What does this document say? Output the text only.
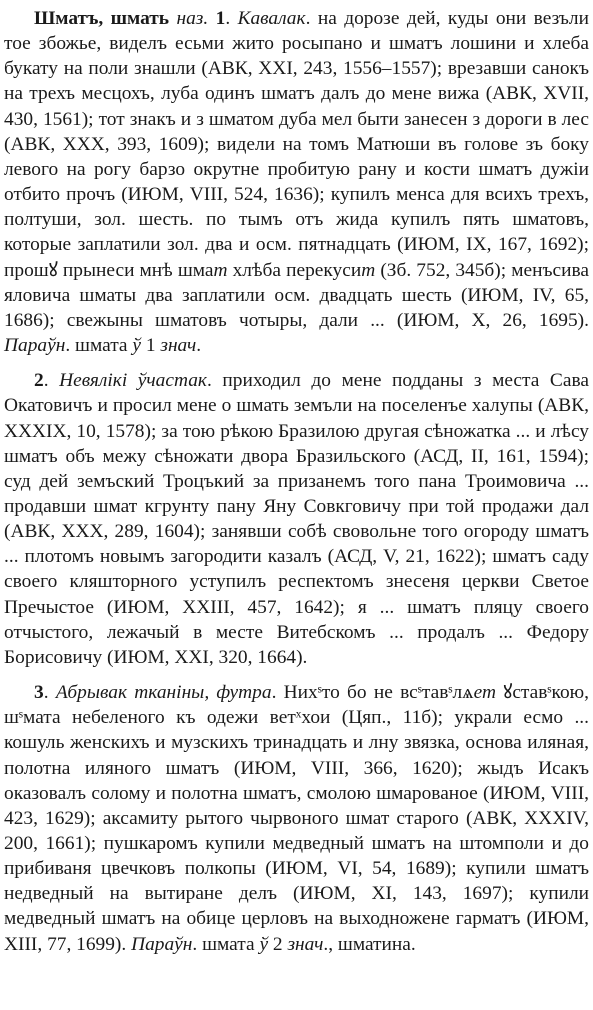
Шматъ, шмать наз. 1. Кавалак. на дорозе дей, куды они везъли тое збожье, виделъ есьми жито росыпано и шматъ лошини и хлеба букату на поли знашли (АВК, XXI, 243, 1556–1557); врезавши санокъ на трехъ месцохъ, луба одинъ шматъ далъ до мене вижа (АВК, XVII, 430, 1561); тот знакъ и з шматом дуба мел быти занесен з дороги в лес (АВК, XXX, 393, 1609); видели на томъ Матюши въ голове зъ боку левого на рогу барзо окрутне пробитую рану и кости шматъ дужiи отбито прочъ (ИЮМ, VIII, 524, 1636); купилъ менса для всихъ трехъ, полтуши, зол. шесть. по тымъ отъ жида купилъ пять шматовъ, которые заплатили зол. два и осм. пятнадцать (ИЮМ, IX, 167, 1692); прошꙋ прынеси мнѣ шмат хлѣба перекусит (Зб. 752, 345б); менъсива яловича шматы два заплатили осм. двадцать шесть (ИЮМ, IV, 65, 1686); свежыны шматовъ чотыры, дали ... (ИЮМ, X, 26, 1695). Параўн. шмата ў 1 знач.

2. Невялікі ўчастак. приходил до мене подданы з места Сава Окатовичъ и просил мене о шмать земъли на поселенъе халупы (АВК, XXXIX, 10, 1578); за тою рѣкою Бразилою другая сѣножатка ... и лѣсу шматъ объ межу сѣножати двора Бразильского (АСД, II, 161, 1594); суд дей земъский Троцъкий за призанемъ того пана Троимовича ... продавши шмат кгрунту пану Яну Совкговичу при той продажи дал (АВК, XXX, 289, 1604); занявши собѣ свовольне того огороду шматъ ... плотомъ новымъ загородити казалъ (АСД, V, 21, 1622); шматъ саду своего кляшторного уступилъ респектомъ знесеня церкви Светое Пречыстое (ИЮМ, XXIII, 457, 1642); я ... шматъ пляцу своего отчыстого, лежачый в месте Витебскомъ ... продалъ ... Федору Борисовичу (ИЮМ, XXI, 320, 1664).

3. Абрывак тканіны, футра. Нихˢто бо не всˢтавˢлѧет ꙋставˢкою, шˢмата небеленого къ одежи ветˣхои (Цяп., 11б); украли есмо ... кошуль женскихъ и музскихъ тринадцать и лну звязка, основа иляная, полотна иляного шматъ (ИЮМ, VIII, 366, 1620); жыдъ Исакъ оказовалъ солому и полотна шматъ, смолою шмарованое (ИЮМ, VIII, 423, 1629); аксамиту рытого чырвоного шмат старого (АВК, XXXIV, 200, 1661); пушкаромъ купили медведный шматъ на штомполи и до прибиваня цвечковъ полкопы (ИЮМ, VI, 54, 1689); купили шматъ недведный на вытиране делъ (ИЮМ, XI, 143, 1697); купили медведный шматъ на обице церловъ на выходножене гарматъ (ИЮМ, XIII, 77, 1699). Параўн. шмата ў 2 знач., шматина.
